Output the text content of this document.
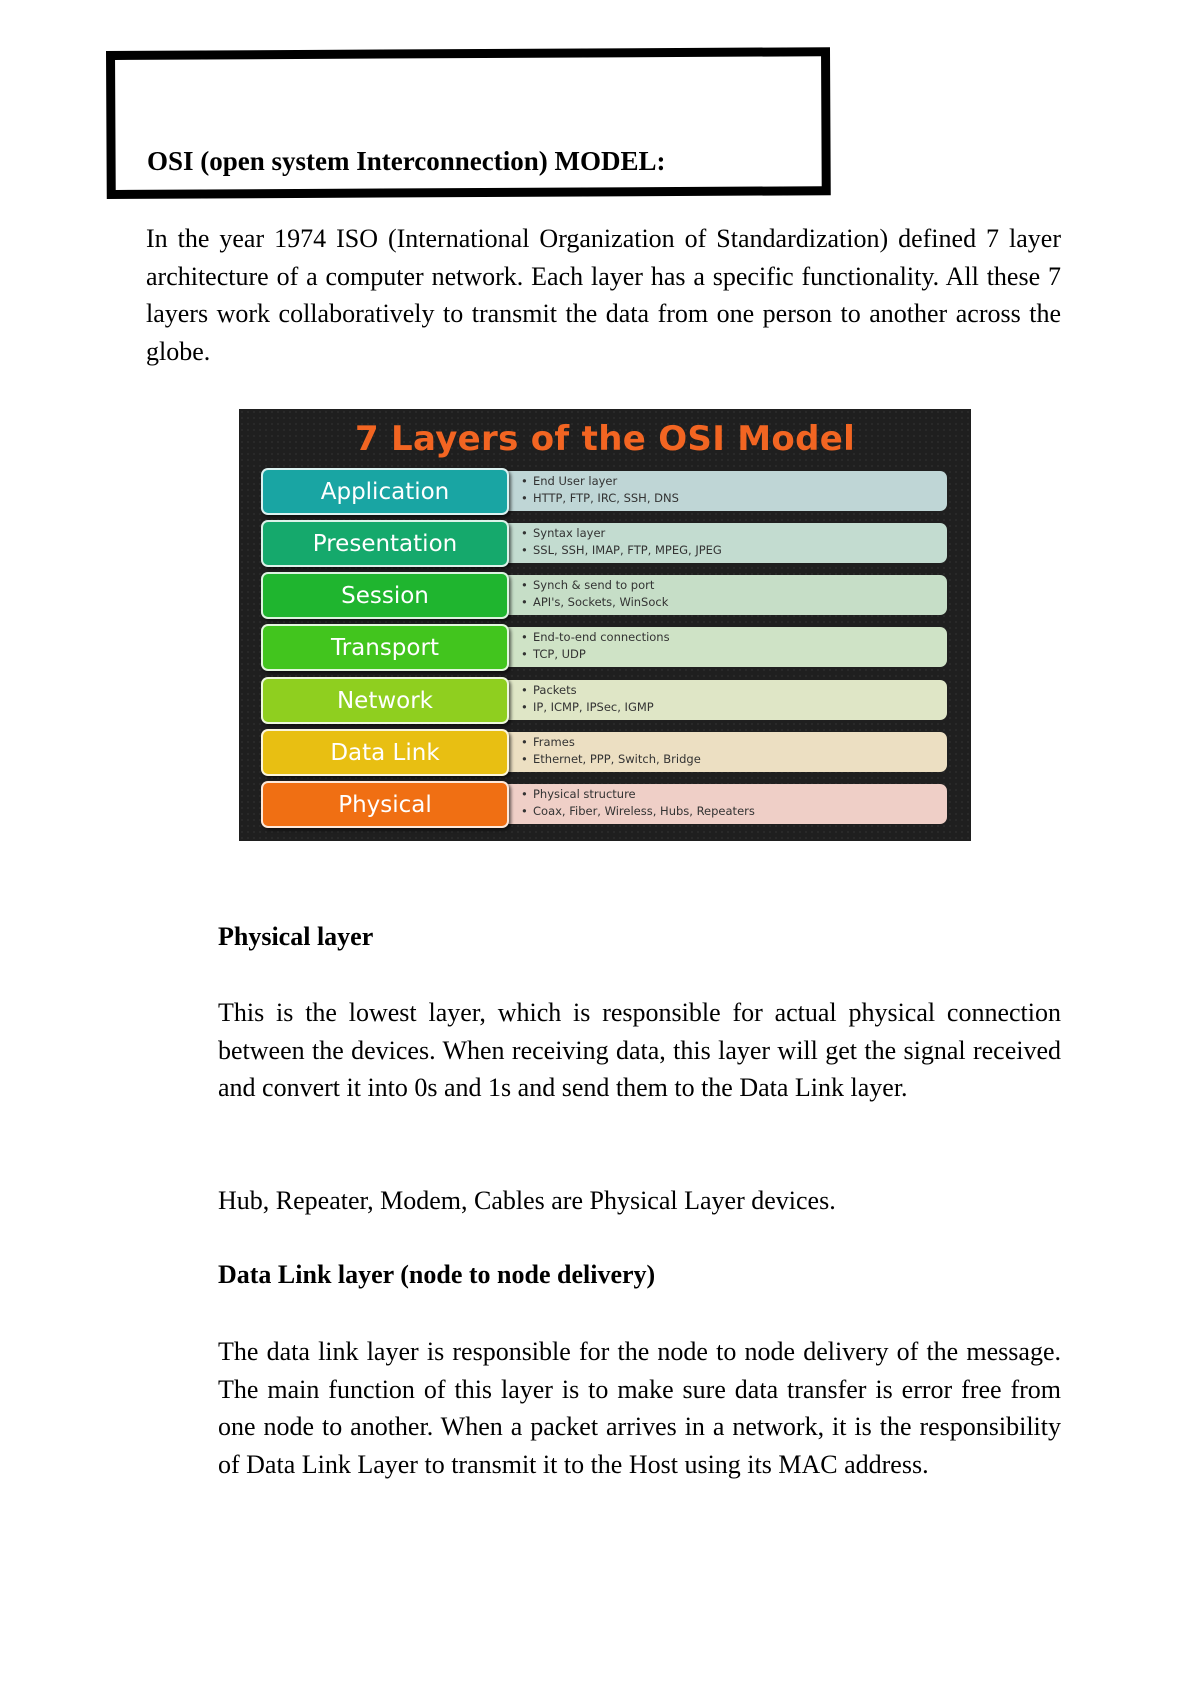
OSI (open system Interconnection) MODEL:

In the year 1974 ISO (International Organization of Standardization) defined 7 layer architecture of a computer network. Each layer has a specific functionality. All these 7 layers work collaboratively to transmit the data from one person to another across the globe.

7 Layers of the OSI Model
• End User layer
• HTTP, FTP, IRC, SSH, DNS
Application
• Syntax layer
• SSL, SSH, IMAP, FTP, MPEG, JPEG
Presentation
• Synch & send to port
• API's, Sockets, WinSock
Session
• End-to-end connections
• TCP, UDP
Transport
• Packets
• IP, ICMP, IPSec, IGMP
Network
• Frames
• Ethernet, PPP, Switch, Bridge
Data Link
• Physical structure
• Coax, Fiber, Wireless, Hubs, Repeaters
Physical
Physical layer

This is the lowest layer, which is responsible for actual physical connection between the devices. When receiving data, this layer will get the signal received and convert it into 0s and 1s and send them to the Data Link layer.

Hub, Repeater, Modem, Cables are Physical Layer devices.

Data Link layer (node to node delivery)

The data link layer is responsible for the node to node delivery of the message. The main function of this layer is to make sure data transfer is error free from one node to another. When a packet arrives in a network, it is the responsibility of Data Link Layer to transmit it to the Host using its MAC address.
